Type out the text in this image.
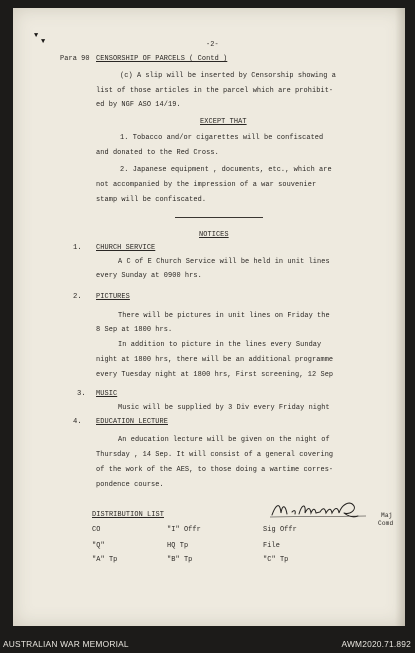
▼
▼	-2-
Para 90 CENSORSHIP OF PARCELS ( Contd )
(c) A slip will be inserted by Censorship showing a
list of those articles in the parcel which are prohibit-
ed by NGF ASO 14/19.
EXCEPT THAT
1. Tobacco and/or cigarettes will be confiscated
and donated to the Red Cross.
2. Japanese equipment , documents, etc., which are
not accompanied by the impression of a war souvenier
stamp will be confiscated.
NOTICES
1. CHURCH SERVICE
A C of E Church Service will be held in unit lines
every Sunday at 0900 hrs.
2. PICTURES
There will be pictures in unit lines on Friday the
8 Sep at 1800 hrs.
In addition to picture in the lines every Sunday
night at 1800 hrs, there will be an additional programme
every Tuesday night at 1800 hrs, First screening, 12 Sep
3. MUSIC
Music will be supplied by 3 Div every Friday night
4. EDUCATION LECTURE
An education lecture will be given on the night of
Thursday , 14 Sep. It will consist of a general covering
of the work of the AES, to those doing a wartime corres-
pondence course.
Maj
Comd
DISTRIBUTION LIST
CO	"I" Offr	Sig Offr
"Q"	HQ Tp	File
"A" Tp	"B" Tp	"C" Tp
AUSTRALIAN WAR MEMORIAL	AWM2020.71.892
